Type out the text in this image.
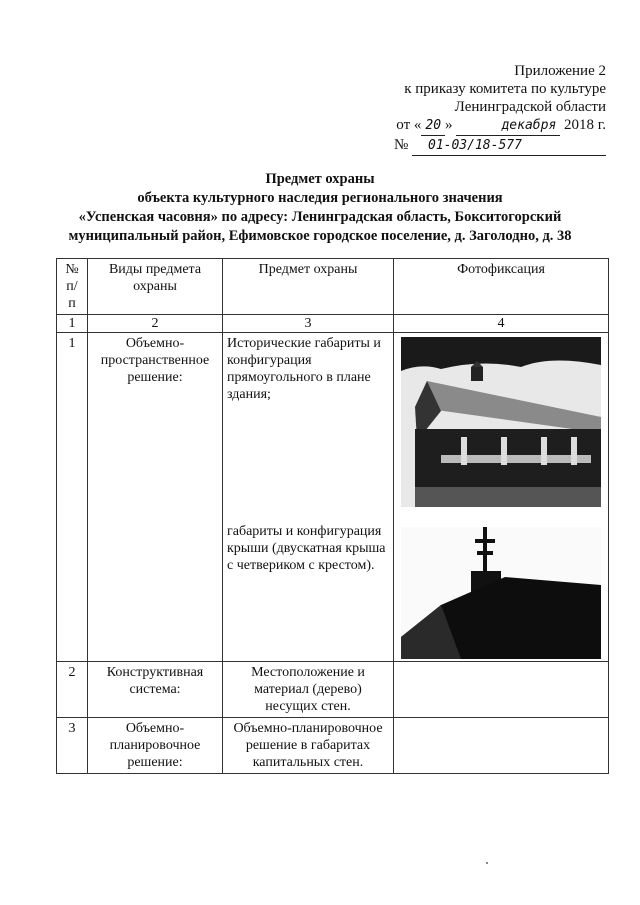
Приложение 2
к приказу комитета по культуре
Ленинградской области
от « 20 »	декабря 2018 г.
№ 01-03/18-577
Предмет охраны
объекта культурного наследия регионального значения
«Успенская часовня» по адресу: Ленинградская область, Бокситогорский
муниципальный район, Ефимовское городское поселение, д. Заголодно, д. 38
№ п/ п	Виды предмета охраны	Предмет охраны	Фотофиксация
1	2	3	4
1	Объемно-пространственное решение:	Исторические габариты и конфигурация прямоугольного в плане здания;
габариты и конфигурация крыши (двускатная крыша с четвериком с крестом).

2	Конструктивная система:	Местоположение и материал (дерево) несущих стен.	
3	Объемно-планировочное решение:	Объемно-планировочное решение в габаритах капитальных стен.	
